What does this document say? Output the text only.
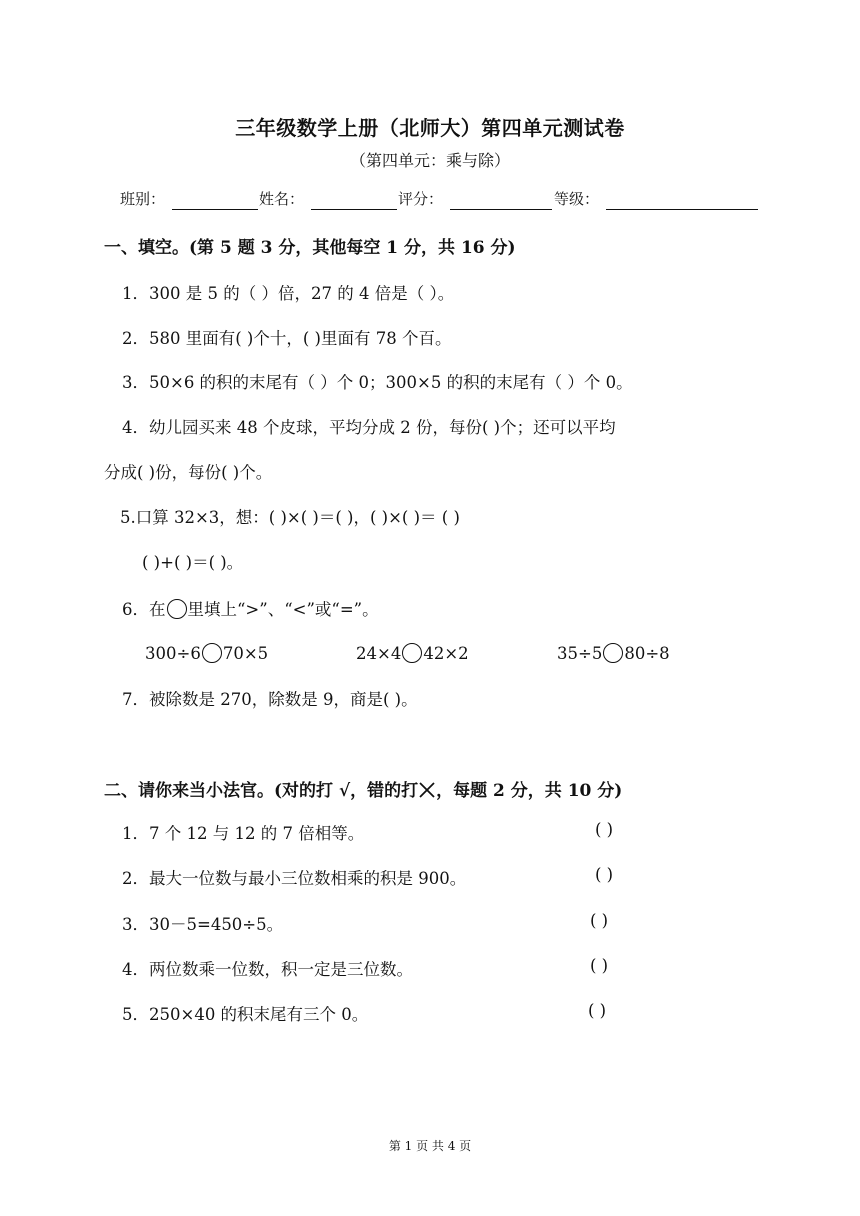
三年级数学上册（北师大）第四单元测试卷
（第四单元：乘与除）
班别：	姓名：	评分：	等级：
一、填空。(第 5 题 3 分，其他每空 1 分，共 16 分)
1．300 是 5 的（ ）倍，27 的 4 倍是（ ）。
2．580 里面有( )个十，( )里面有 78 个百。
3．50×6 的积的末尾有（ ）个 0；300×5 的积的末尾有（ ）个 0。
4．幼儿园买来 48 个皮球，平均分成 2 份，每份( )个；还可以平均
分成( )份，每份( )个。
5.口算 32×3，想：( )×( )＝( )，( )×( )＝ ( )
( )+( )＝( )。
6．在 里填上“>”、“<”或“=”。
300÷6 70×5	24×4 42×2	35÷5 80÷8
7．被除数是 270，除数是 9，商是( )。
二、请你来当小法官。(对的打 √，错的打 ，每题 2 分，共 10 分)
1．7 个 12 与 12 的 7 倍相等。	( )
2．最大一位数与最小三位数相乘的积是 900。	( )
3．30－5=450÷5。	( )
4．两位数乘一位数，积一定是三位数。	( )
5．250×40 的积末尾有三个 0。	( )
第 1 页 共 4 页
